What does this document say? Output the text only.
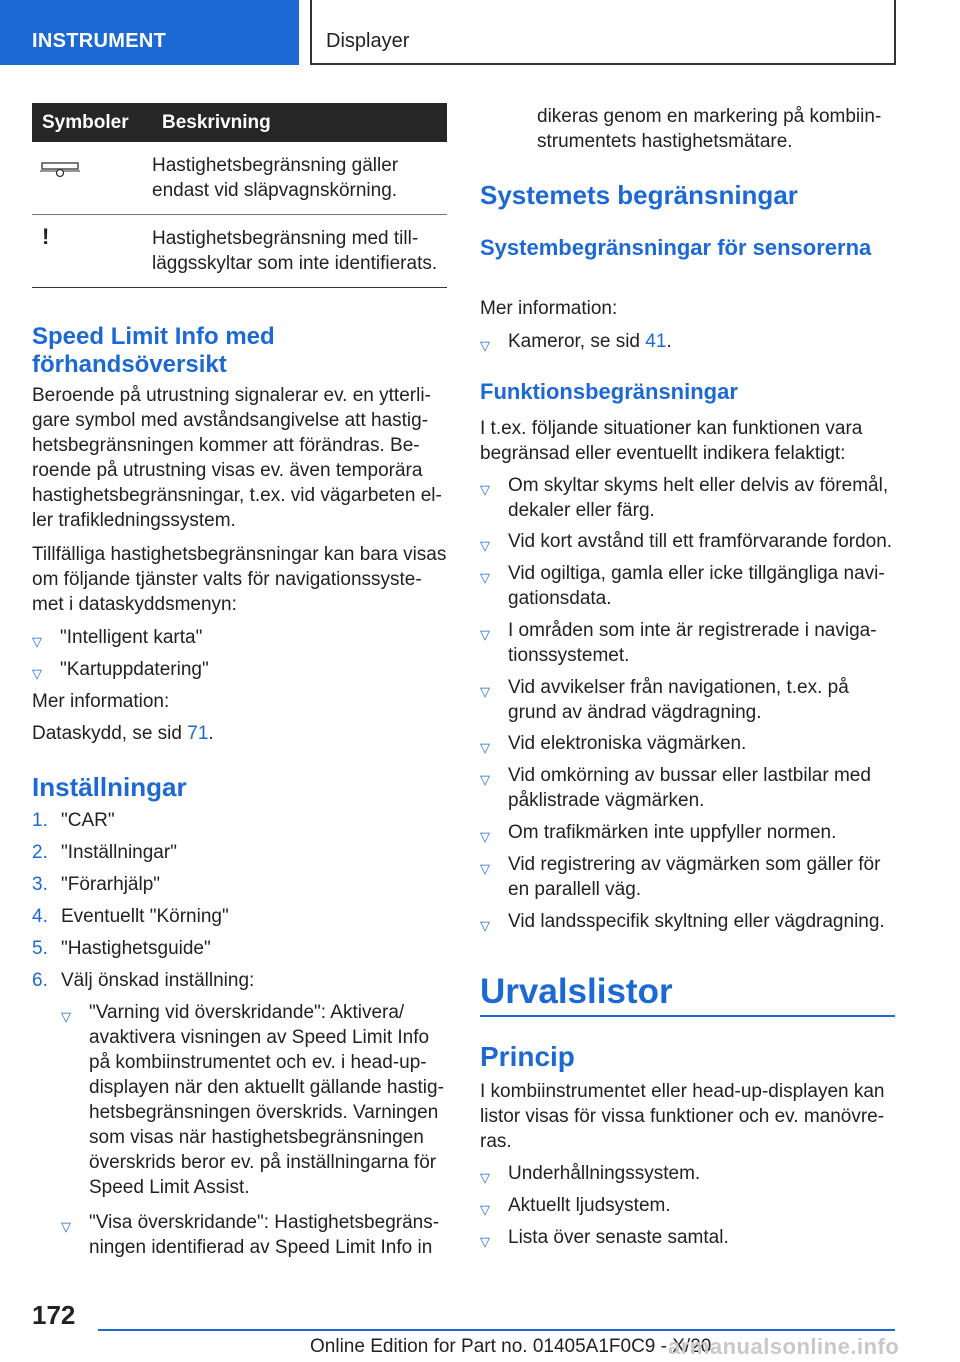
INSTRUMENT	Displayer
Symboler	Beskrivning

	Hastighetsbegränsning gäller endast vid släpvagnskörning.

!	Hastighetsbegränsning med tillläggsskyltar som inte identifierats.
Speed Limit Info med förhandsöversikt
Beroende på utrustning signalerar ev. en ytterligare symbol med avståndsangivelse att hastighetsbegränsningen kommer att förändras. Beroende på utrustning visas ev. även temporära hastighetsbegränsningar, t.ex. vid vägarbeten eller trafikledningssystem.
Tillfälliga hastighetsbegränsningar kan bara visas om följande tjänster valts för navigationssystemet i dataskyddsmenyn:
▽ "Intelligent karta"
▽ "Kartuppdatering"
Mer information:
Dataskydd, se sid 71.
Inställningar
1. "CAR"
2. "Inställningar"
3. "Förarhjälp"
4. Eventuellt "Körning"
5. "Hastighetsguide"
6. Välj önskad inställning:
▽ "Varning vid överskridande": Aktivera/ avaktivera visningen av Speed Limit Info på kombiinstrumentet och ev. i head-up-displayen när den aktuellt gällande hastighetsbegränsningen överskrids. Varningen som visas när hastighetsbegränsningen överskrids beror ev. på inställningarna för Speed Limit Assist.
▽ "Visa överskridande": Hastighetsbegränsningen identifierad av Speed Limit Info in
dikeras genom en markering på kombiinstrumentets hastighetsmätare.
Systemets begränsningar
Systembegränsningar för sensorerna
Mer information:
▽ Kameror, se sid 41.
Funktionsbegränsningar
I t.ex. följande situationer kan funktionen vara begränsad eller eventuellt indikera felaktigt:
▽ Om skyltar skyms helt eller delvis av föremål, dekaler eller färg.
▽ Vid kort avstånd till ett framförvarande fordon.
▽ Vid ogiltiga, gamla eller icke tillgängliga navigationsdata.
▽ I områden som inte är registrerade i navigationssystemet.
▽ Vid avvikelser från navigationen, t.ex. på grund av ändrad vägdragning.
▽ Vid elektroniska vägmärken.
▽ Vid omkörning av bussar eller lastbilar med påklistrade vägmärken.
▽ Om trafikmärken inte uppfyller normen.
▽ Vid registrering av vägmärken som gäller för en parallell väg.
▽ Vid landsspecifik skyltning eller vägdragning.
Urvalslistor
Princip
I kombiinstrumentet eller head-up-displayen kan listor visas för vissa funktioner och ev. manövreras.
▽ Underhållningssystem.
▽ Aktuellt ljudsystem.
▽ Lista över senaste samtal.
172
Online Edition for Part no. 01405A1F0C9 - X/20
armanualsonline.info
